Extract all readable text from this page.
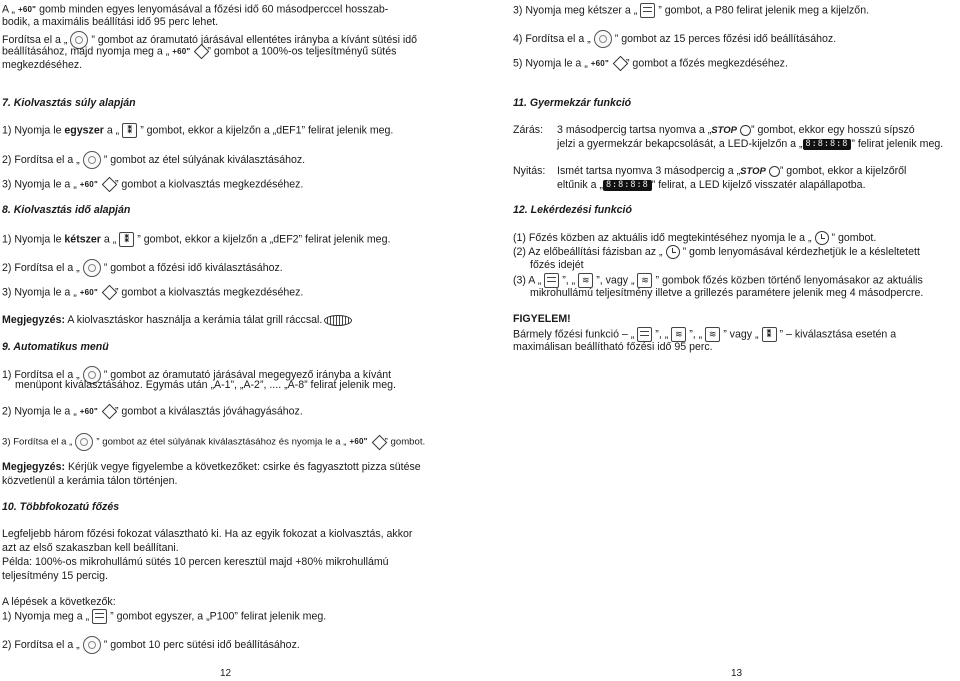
A „ +60" gomb minden egyes lenyomásával a főzési idő 60 másodperccel hosszab-
bodik, a maximális beállítási idő 95 perc lehet.
Fordítsa el a „ ” gombot az óramutató járásával ellentétes irányba a kívánt sütési idő
beállításához, majd nyomja meg a „ +60" ” gombot a 100%-os teljesítményű sütés
megkezdéséhez.
7. Kiolvasztás súly alapján
1) Nyomja le egyszer a „ ⁑ ” gombot, ekkor a kijelzőn a „dEF1” felirat jelenik meg.
2) Fordítsa el a „ ” gombot az étel súlyának kiválasztásához.
3) Nyomja le a „ +60" ” gombot a kiolvasztás megkezdéséhez.
8. Kiolvasztás idő alapján
1) Nyomja le kétszer a „ ⁑ ” gombot, ekkor a kijelzőn a „dEF2” felirat jelenik meg.
2) Fordítsa el a „ ” gombot a főzési idő kiválasztásához.
3) Nyomja le a „ +60" ” gombot a kiolvasztás megkezdéséhez.
Megjegyzés: A kiolvasztáskor használja a kerámia tálat grill ráccsal.
9. Automatikus menü
1) Fordítsa el a „ ” gombot az óramutató járásával megegyező irányba a kívánt
menüpont kiválasztásához. Egymás után „A-1”, „A-2”, .... „A-8” felirat jelenik meg.
2) Nyomja le a „ +60" ” gombot a kiválasztás jóváhagyásához.
3) Fordítsa el a „	” gombot az étel súlyának kiválasztásához és nyomja le a „ +60" ” gombot.
Megjegyzés: Kérjük vegye figyelembe a következőket: csirke és fagyasztott pizza sütése
közvetlenül a kerámia tálon történjen.
10. Többfokozatú főzés
Legfeljebb három főzési fokozat választható ki. Ha az egyik fokozat a kiolvasztás, akkor
azt az első szakaszban kell beállítani.
Példa: 100%-os mikrohullámú sütés 10 percen keresztül majd +80% mikrohullámú
teljesítmény 15 percig.
A lépések a következők:
1) Nyomja meg a „ ” gombot egyszer, a „P100” felirat jelenik meg.
2) Fordítsa el a „ ” gombot 10 perc sütési idő beállításához.
12
3) Nyomja meg kétszer a „ ” gombot, a P80 felirat jelenik meg a kijelzőn.
4) Fordítsa el a „ ” gombot az 15 perces főzési idő beállításához.
5) Nyomja le a „ +60" ” gombot a főzés megkezdéséhez.
11. Gyermekzár funkció
Zárás: 3 másodpercig tartsa nyomva a „STOP ” gombot, ekkor egy hosszú sípszó
jelzi a gyermekzár bekapcsolását, a LED-kijelzőn a „ 8:8:8:8 ” felirat jelenik meg.
Nyitás: Ismét tartsa nyomva 3 másodpercig a „STOP ” gombot, ekkor a kijelzőről
eltűnik a „ 8:8:8:8 ” felirat, a LED kijelző visszatér alapállapotba.
12. Lekérdezési funkció
(1) Főzés közben az aktuális idő megtekintéséhez nyomja le a „ ” gombot.
(2) Az előbeállítási fázisban az „ ” gomb lenyomásával kérdezhetjük le a késleltetett
főzés idejét
(3) A „ ”, „ ≋ ”, vagy „ ≋ ” gombok főzés közben történő lenyomásakor az aktuális
mikrohullámú teljesítmény illetve a grillezés paramétere jelenik meg 4 másodpercre.
FIGYELEM!
Bármely főzési funkció – „ ”, „ ≋ ”, „ ≋ ” vagy „ ⁑ ” – kiválasztása esetén a
maximálisan beállítható főzési idő 95 perc.
13
